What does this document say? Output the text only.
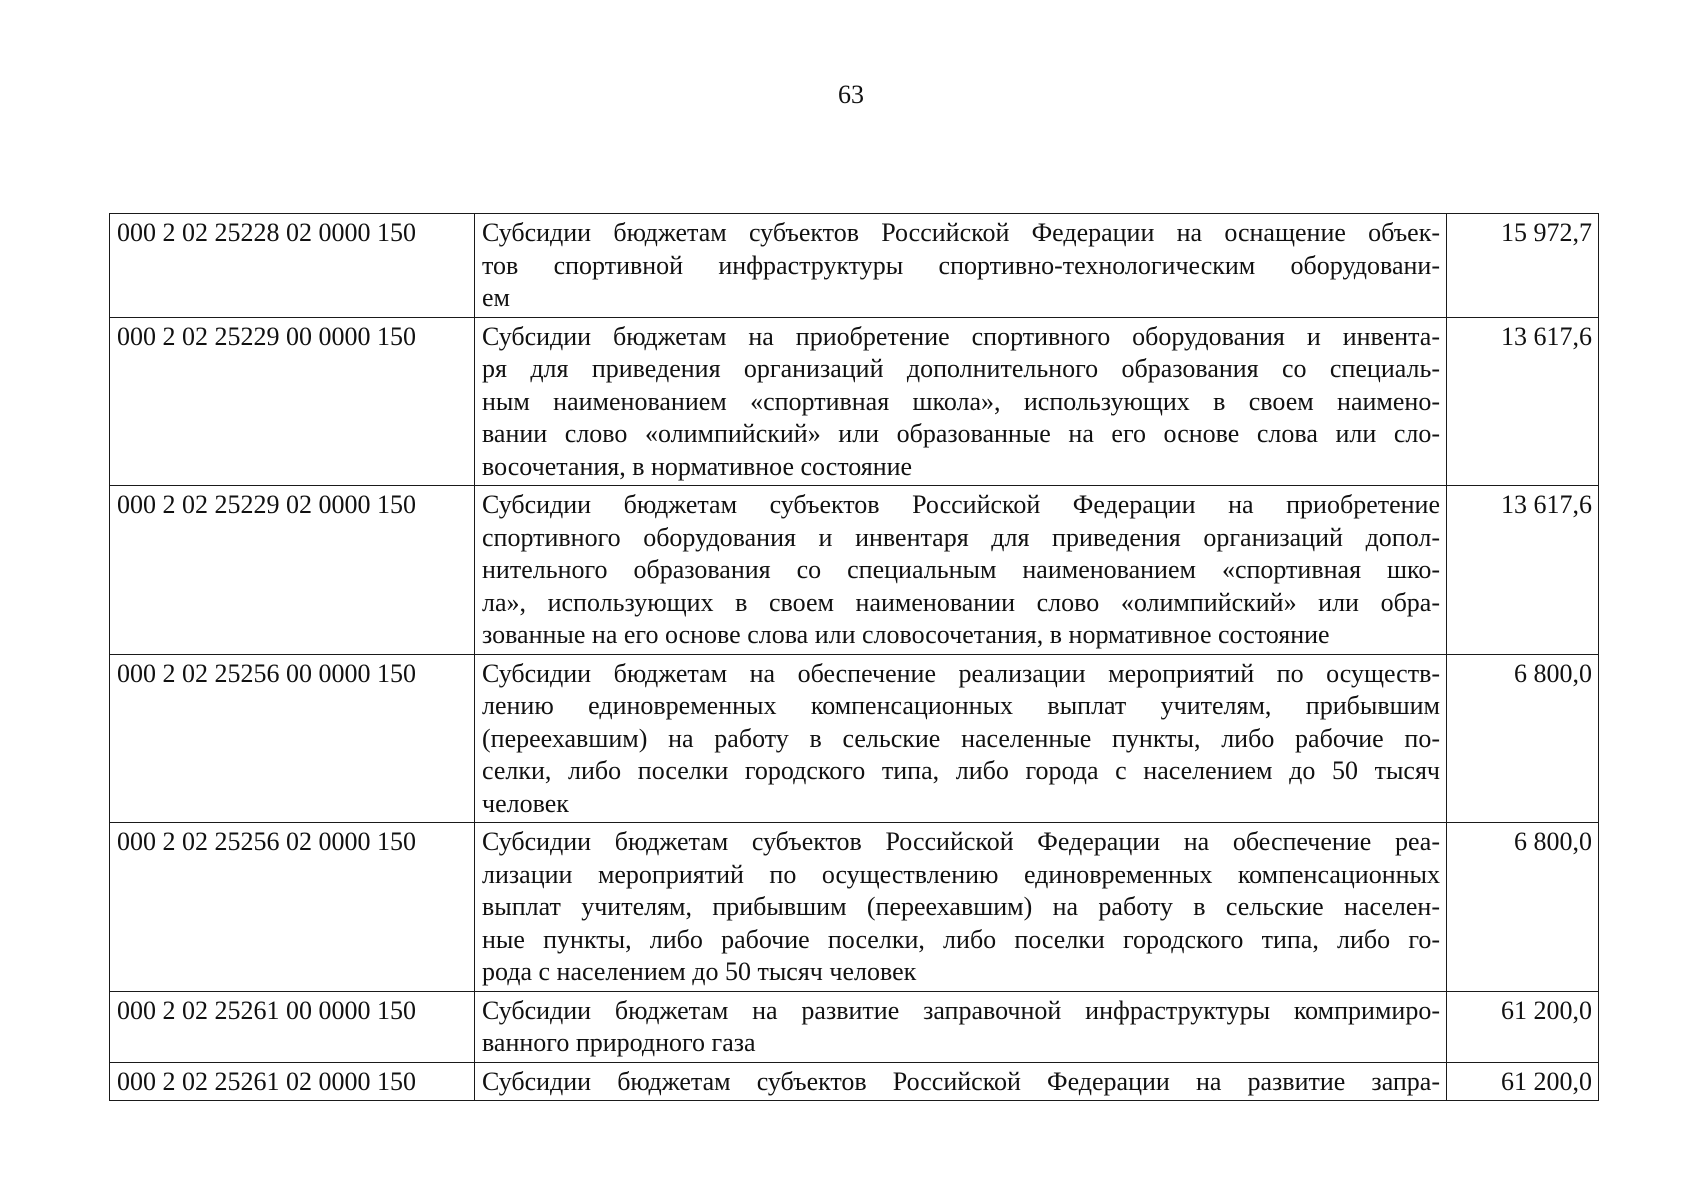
63
000 2 02 25228 02 0000 150	Субсидии бюджетам субъектов Российской Федерации на оснащение объек-
тов спортивной инфраструктуры спортивно-технологическим оборудовани-
ем	15 972,7
000 2 02 25229 00 0000 150	Субсидии бюджетам на приобретение спортивного оборудования и инвента-
ря для приведения организаций дополнительного образования со специаль-
ным наименованием «спортивная школа», использующих в своем наимено-
вании слово «олимпийский» или образованные на его основе слова или сло-
восочетания, в нормативное состояние	13 617,6
000 2 02 25229 02 0000 150	Субсидии бюджетам субъектов Российской Федерации на приобретение
спортивного оборудования и инвентаря для приведения организаций допол-
нительного образования со специальным наименованием «спортивная шко-
ла», использующих в своем наименовании слово «олимпийский» или обра-
зованные на его основе слова или словосочетания, в нормативное состояние	13 617,6
000 2 02 25256 00 0000 150	Субсидии бюджетам на обеспечение реализации мероприятий по осуществ-
лению единовременных компенсационных выплат учителям, прибывшим
(переехавшим) на работу в сельские населенные пункты, либо рабочие по-
селки, либо поселки городского типа, либо города с населением до 50 тысяч
человек	6 800,0
000 2 02 25256 02 0000 150	Субсидии бюджетам субъектов Российской Федерации на обеспечение реа-
лизации мероприятий по осуществлению единовременных компенсационных
выплат учителям, прибывшим (переехавшим) на работу в сельские населен-
ные пункты, либо рабочие поселки, либо поселки городского типа, либо го-
рода с населением до 50 тысяч человек	6 800,0
000 2 02 25261 00 0000 150	Субсидии бюджетам на развитие заправочной инфраструктуры компримиро-
ванного природного газа	61 200,0
000 2 02 25261 02 0000 150	Субсидии бюджетам субъектов Российской Федерации на развитие запра-	61 200,0
